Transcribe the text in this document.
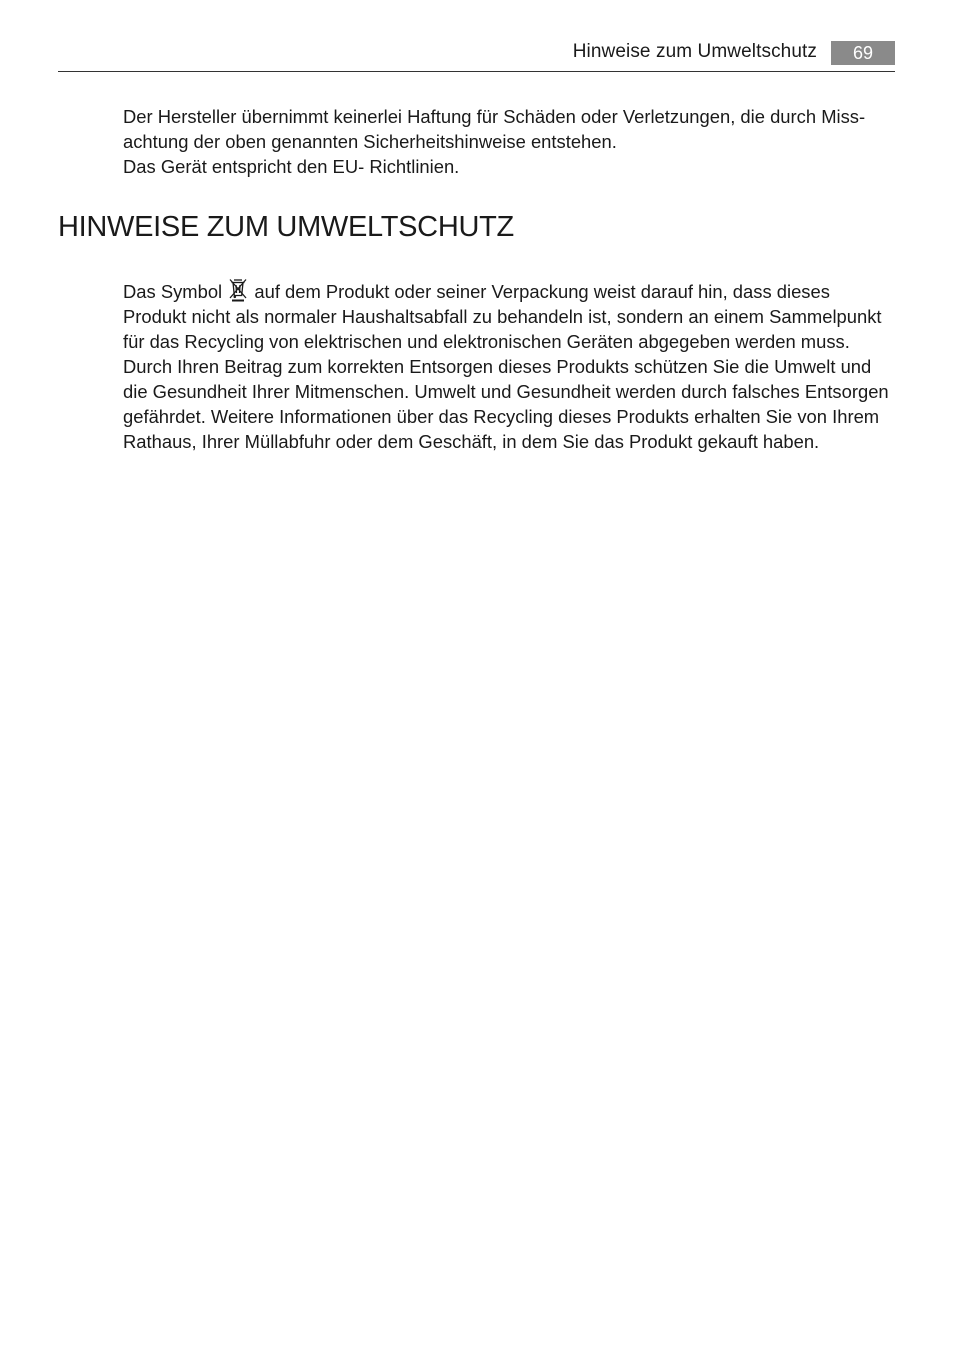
Hinweise zum Umweltschutz	69

Der Hersteller übernimmt keinerlei Haftung für Schäden oder Verletzungen, die durch Miss-achtung der oben genannten Sicherheitshinweise entstehen.

Das Gerät entspricht den EU- Richtlinien.

HINWEISE ZUM UMWELTSCHUTZ

Das Symbol  auf dem Produkt oder seiner Verpackung weist darauf hin, dass dieses Produkt nicht als normaler Haushaltsabfall zu behandeln ist, sondern an einem Sammelpunkt für das Recycling von elektrischen und elektronischen Geräten abgegeben werden muss. Durch Ihren Beitrag zum korrekten Entsorgen dieses Produkts schützen Sie die Umwelt und die Gesundheit Ihrer Mitmenschen. Umwelt und Gesundheit werden durch falsches Entsorgen gefährdet. Weitere Informationen über das Recycling dieses Produkts erhalten Sie von Ihrem Rathaus, Ihrer Müllabfuhr oder dem Geschäft, in dem Sie das Produkt gekauft haben.
